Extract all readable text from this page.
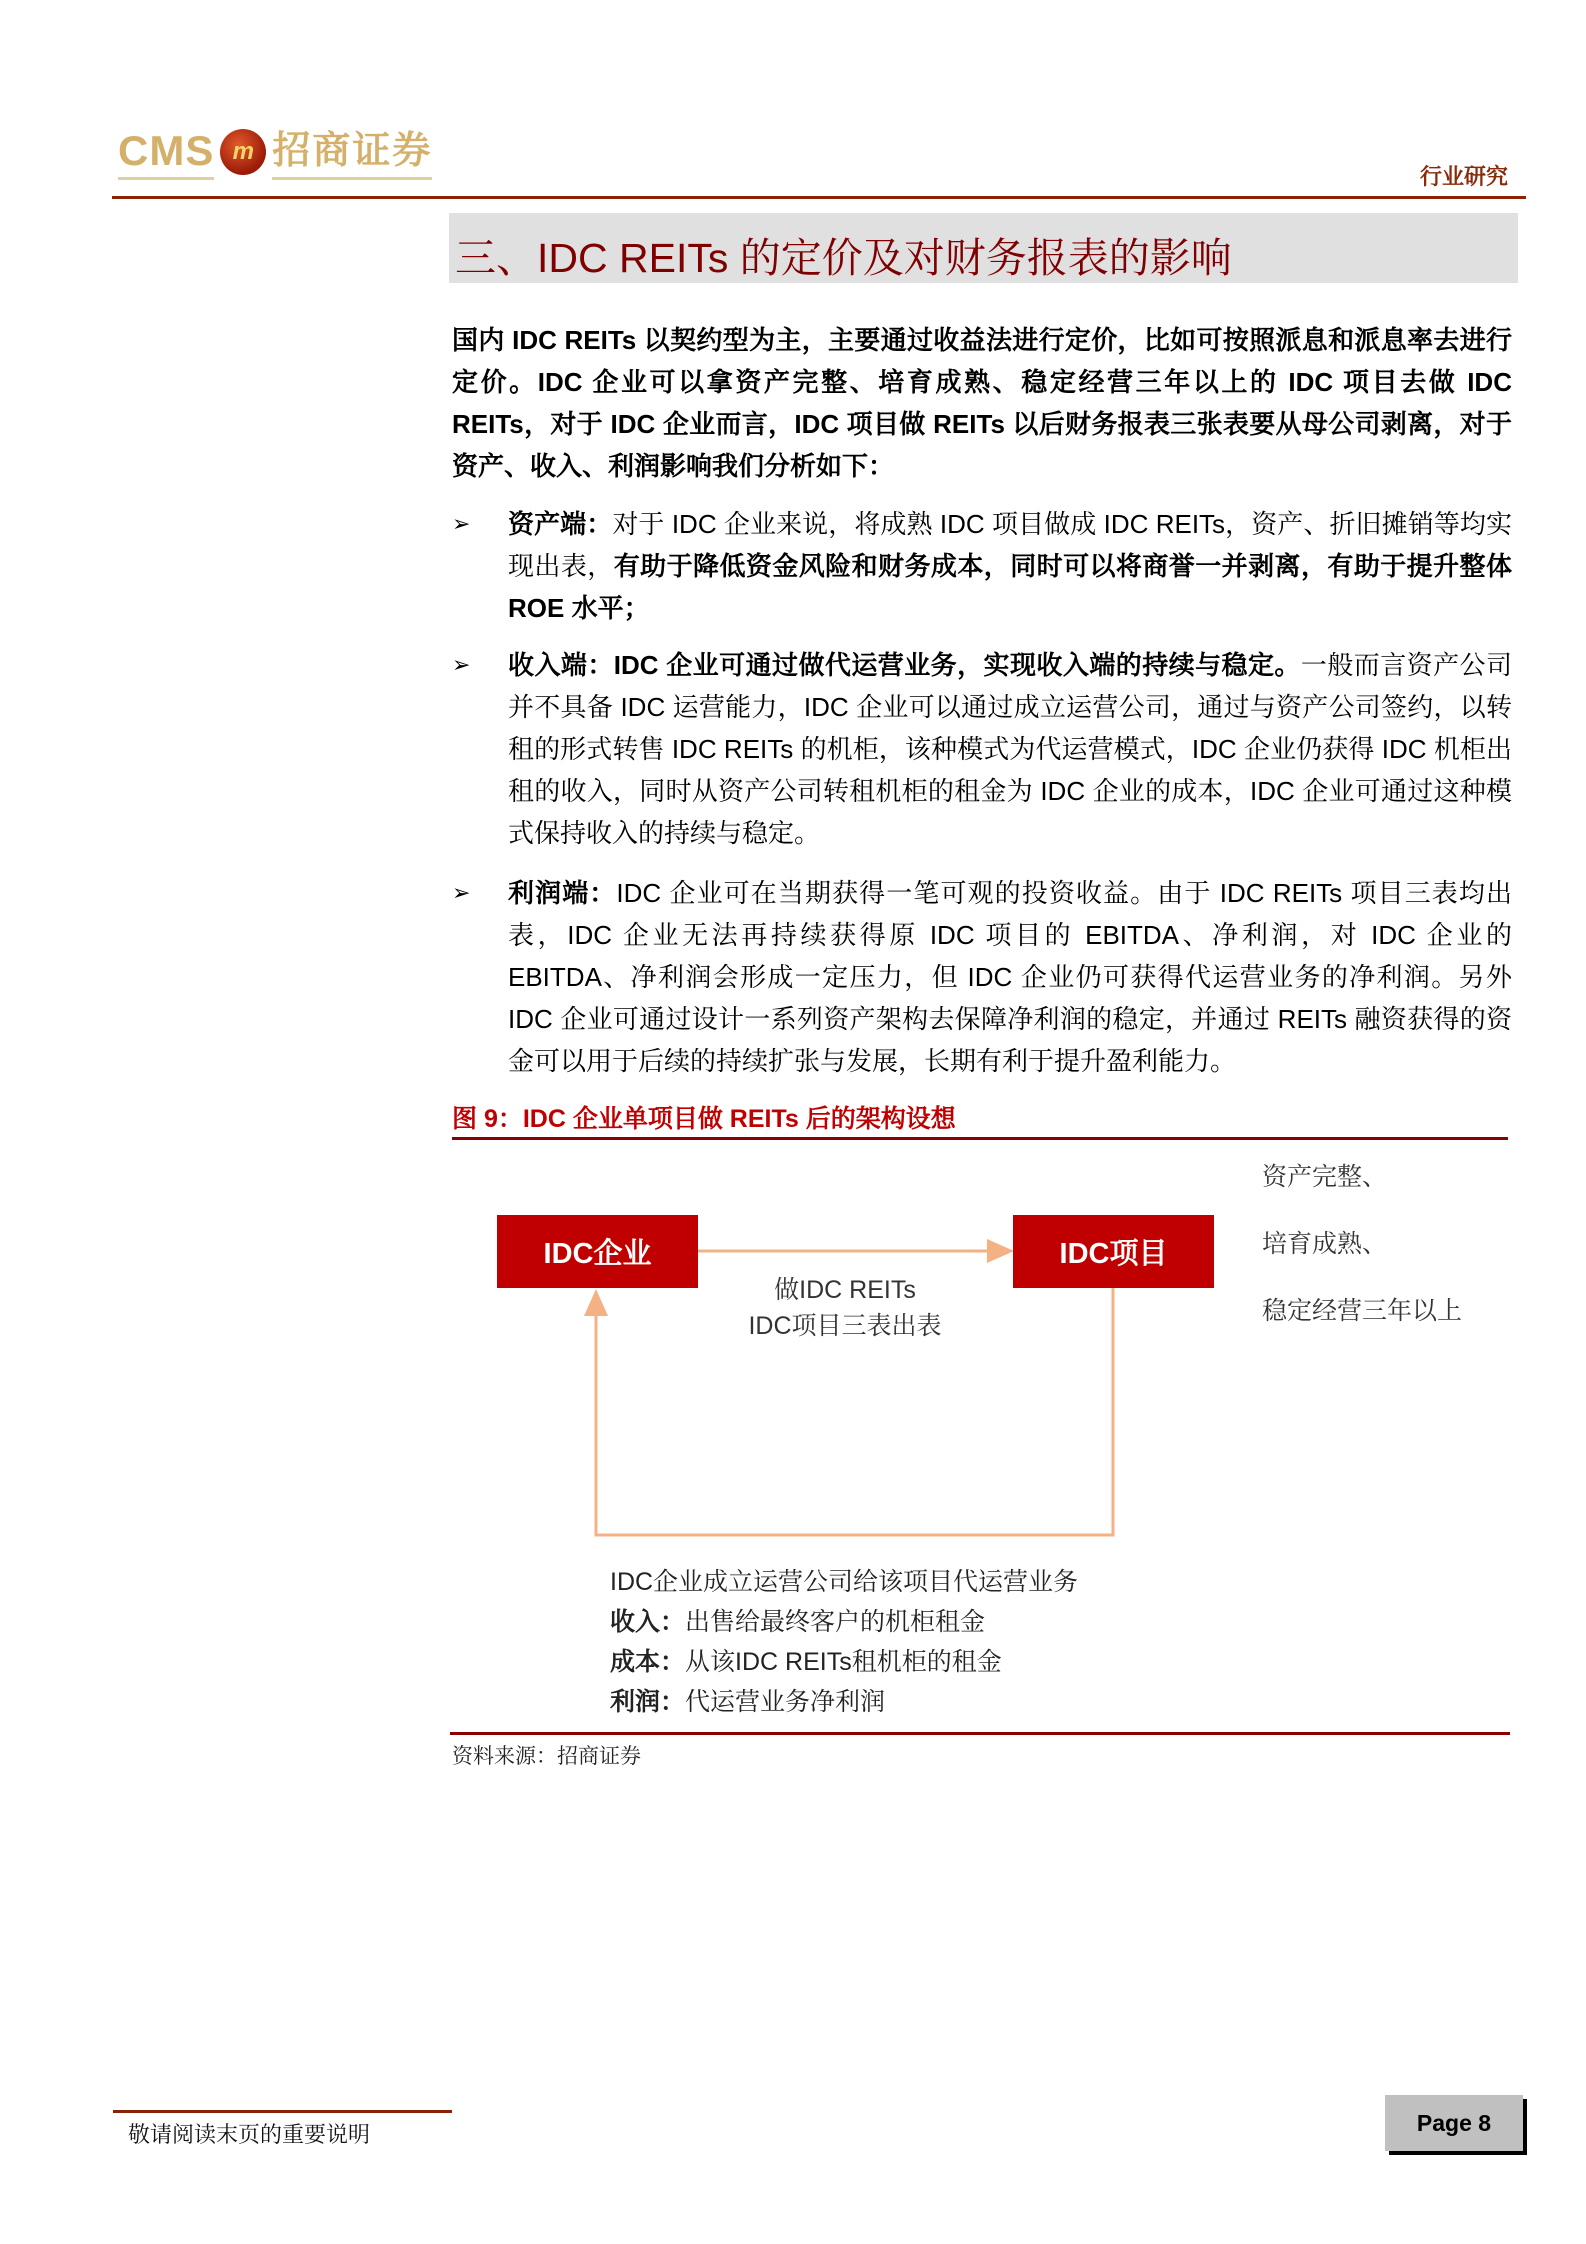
CMS m 招商证券
行业研究
三、IDC REITs 的定价及对财务报表的影响
国内 IDC REITs 以契约型为主，主要通过收益法进行定价，比如可按照派息和派息率去进行定价。IDC 企业可以拿资产完整、培育成熟、稳定经营三年以上的 IDC 项目去做 IDC REITs，对于 IDC 企业而言，IDC 项目做 REITs 以后财务报表三张表要从母公司剥离，对于资产、收入、利润影响我们分析如下：
➢ 资产端：对于 IDC 企业来说，将成熟 IDC 项目做成 IDC REITs，资产、折旧摊销等均实现出表，有助于降低资金风险和财务成本，同时可以将商誉一并剥离，有助于提升整体 ROE 水平；
➢ 收入端：IDC 企业可通过做代运营业务，实现收入端的持续与稳定。一般而言资产公司并不具备 IDC 运营能力，IDC 企业可以通过成立运营公司，通过与资产公司签约，以转租的形式转售 IDC REITs 的机柜，该种模式为代运营模式，IDC 企业仍获得 IDC 机柜出租的收入，同时从资产公司转租机柜的租金为 IDC 企业的成本，IDC 企业可通过这种模式保持收入的持续与稳定。
➢ 利润端：IDC 企业可在当期获得一笔可观的投资收益。由于 IDC REITs 项目三表均出表，IDC 企业无法再持续获得原 IDC 项目的 EBITDA、净利润，对 IDC 企业的 EBITDA、净利润会形成一定压力，但 IDC 企业仍可获得代运营业务的净利润。另外 IDC 企业可通过设计一系列资产架构去保障净利润的稳定，并通过 REITs 融资获得的资金可以用于后续的持续扩张与发展，长期有利于提升盈利能力。
图 9：IDC 企业单项目做 REITs 后的架构设想
IDC企业	IDC项目
做IDC REITs
IDC项目三表出表
资产完整、
培育成熟、
稳定经营三年以上
IDC企业成立运营公司给该项目代运营业务
收入：出售给最终客户的机柜租金
成本：从该IDC REITs租机柜的租金
利润：代运营业务净利润
资料来源：招商证券
敬请阅读末页的重要说明	Page 8
